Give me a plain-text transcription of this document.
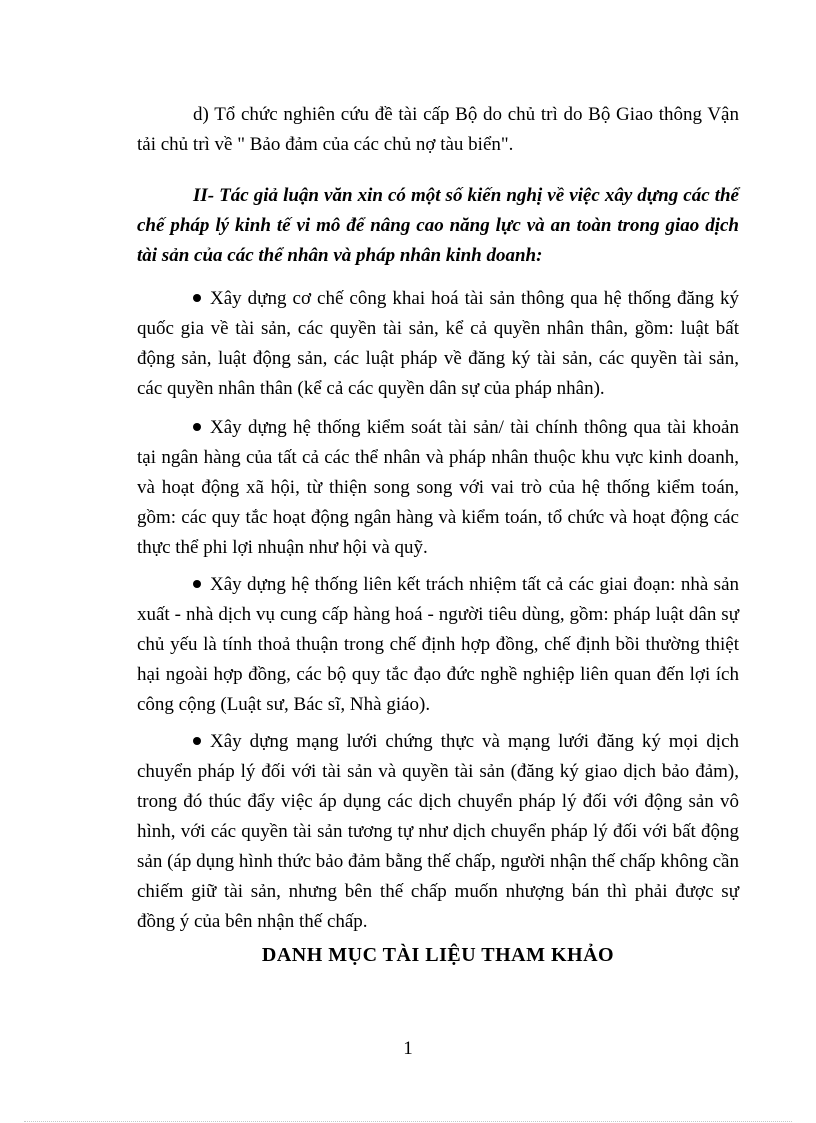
d) Tổ chức nghiên cứu đề tài cấp Bộ do chủ trì do Bộ Giao thông Vận tải chủ trì về " Bảo đảm của các chủ nợ tàu biển".

II- Tác giả luận văn xin có một số kiến nghị về việc xây dựng các thể chế pháp lý kinh tế vi mô để nâng cao năng lực và an toàn trong giao dịch tài sản của các thể nhân và pháp nhân kinh doanh:

Xây dựng cơ chế công khai hoá tài sản thông qua hệ thống đăng ký quốc gia về tài sản, các quyền tài sản, kể cả quyền nhân thân, gồm: luật bất động sản, luật động sản, các luật pháp về đăng ký tài sản, các quyền tài sản, các quyền nhân thân (kể cả các quyền dân sự của pháp nhân).

Xây dựng hệ thống kiểm soát tài sản/ tài chính thông qua tài khoản tại ngân hàng của tất cả các thể nhân và pháp nhân thuộc khu vực kinh doanh, và hoạt động xã hội, từ thiện song song với vai trò của hệ thống kiểm toán, gồm: các quy tắc hoạt động ngân hàng và kiểm toán, tổ chức và hoạt động các thực thể phi lợi nhuận như hội và quỹ.

Xây dựng hệ thống liên kết trách nhiệm tất cả các giai đoạn: nhà sản xuất - nhà dịch vụ cung cấp hàng hoá - người tiêu dùng, gồm: pháp luật dân sự chủ yếu là tính thoả thuận trong chế định hợp đồng, chế định bồi thường thiệt hại ngoài hợp đồng, các bộ quy tắc đạo đức nghề nghiệp liên quan đến lợi ích công cộng (Luật sư, Bác sĩ, Nhà giáo).

Xây dựng mạng lưới chứng thực và mạng lưới đăng ký mọi dịch chuyển pháp lý đối với tài sản và quyền tài sản (đăng ký giao dịch bảo đảm), trong đó thúc đẩy việc áp dụng các dịch chuyển pháp lý đối với động sản vô hình, với các quyền tài sản tương tự như dịch chuyển pháp lý đối với bất động sản (áp dụng hình thức bảo đảm bằng thế chấp, người nhận thế chấp không cần chiếm giữ tài sản, nhưng bên thế chấp muốn nhượng bán thì phải được sự đồng ý của bên nhận thế chấp.

DANH MỤC TÀI LIỆU THAM KHẢO
1
